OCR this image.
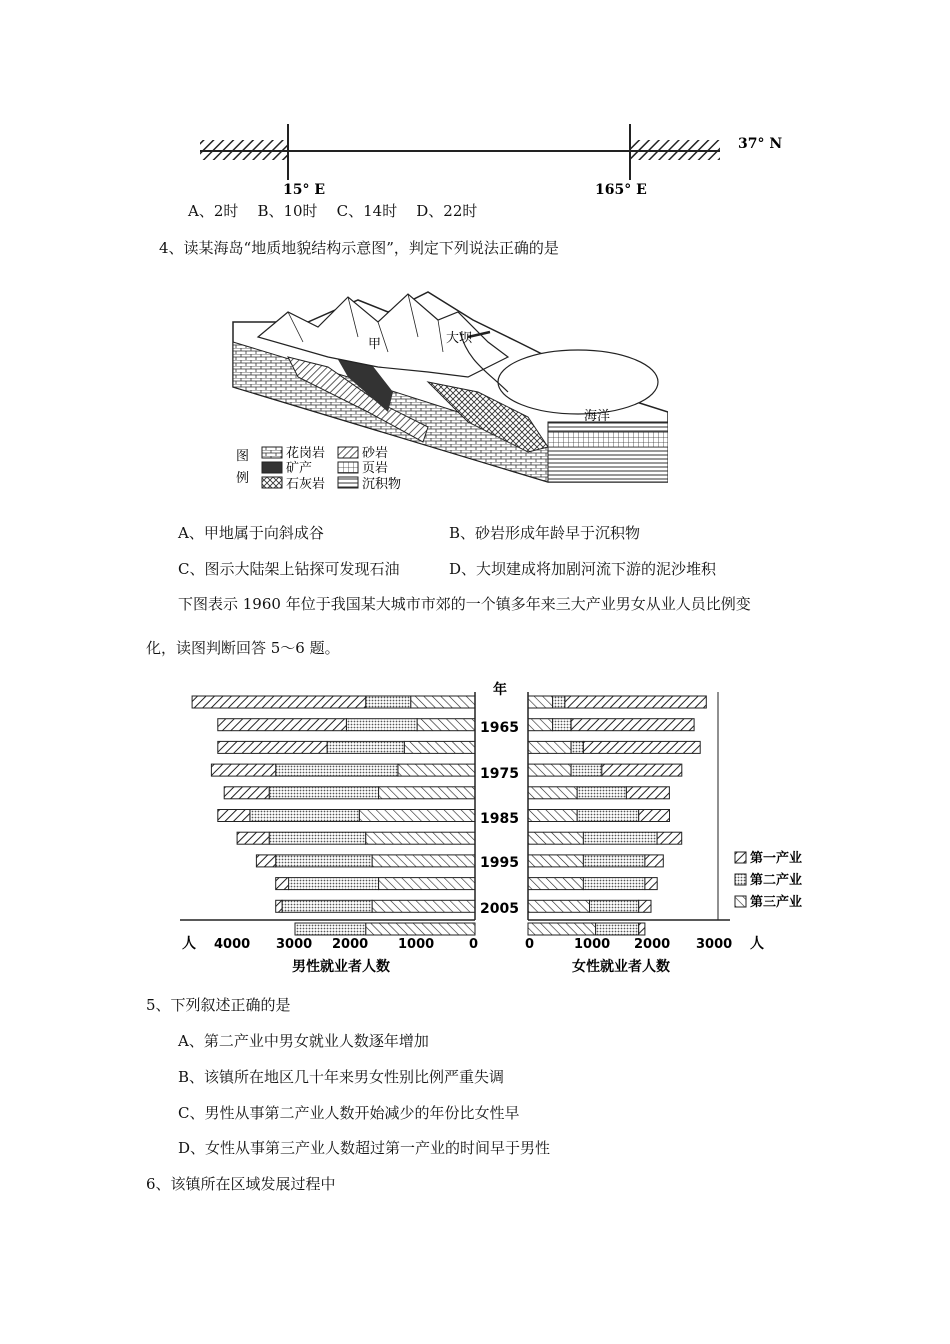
37° N
15° E	165° E
A、2时    B、10时    C、14时    D、22时
4、读某海岛“地质地貌结构示意图”，判定下列说法正确的是
甲	大坝
海洋
图
例
花岗岩	砂岩
矿产	页岩
石灰岩	沉积物
A、甲地属于向斜成谷	B、砂岩形成年龄早于沉积物
C、图示大陆架上钻探可发现石油	D、大坝建成将加剧河流下游的泥沙堆积
下图表示 1960 年位于我国某大城市市郊的一个镇多年来三大产业男女从业人员比例变
化，读图判断回答 5～6 题。
年
1965
1975
1985
1995
2005
人 4000 3000 2000 1000	0
男性就业者人数
0	1000 2000 3000 人
女性就业者人数
第一产业
第二产业
第三产业
5、下列叙述正确的是
A、第二产业中男女就业人数逐年增加
B、该镇所在地区几十年来男女性别比例严重失调
C、男性从事第二产业人数开始减少的年份比女性早
D、女性从事第三产业人数超过第一产业的时间早于男性
6、该镇所在区域发展过程中
